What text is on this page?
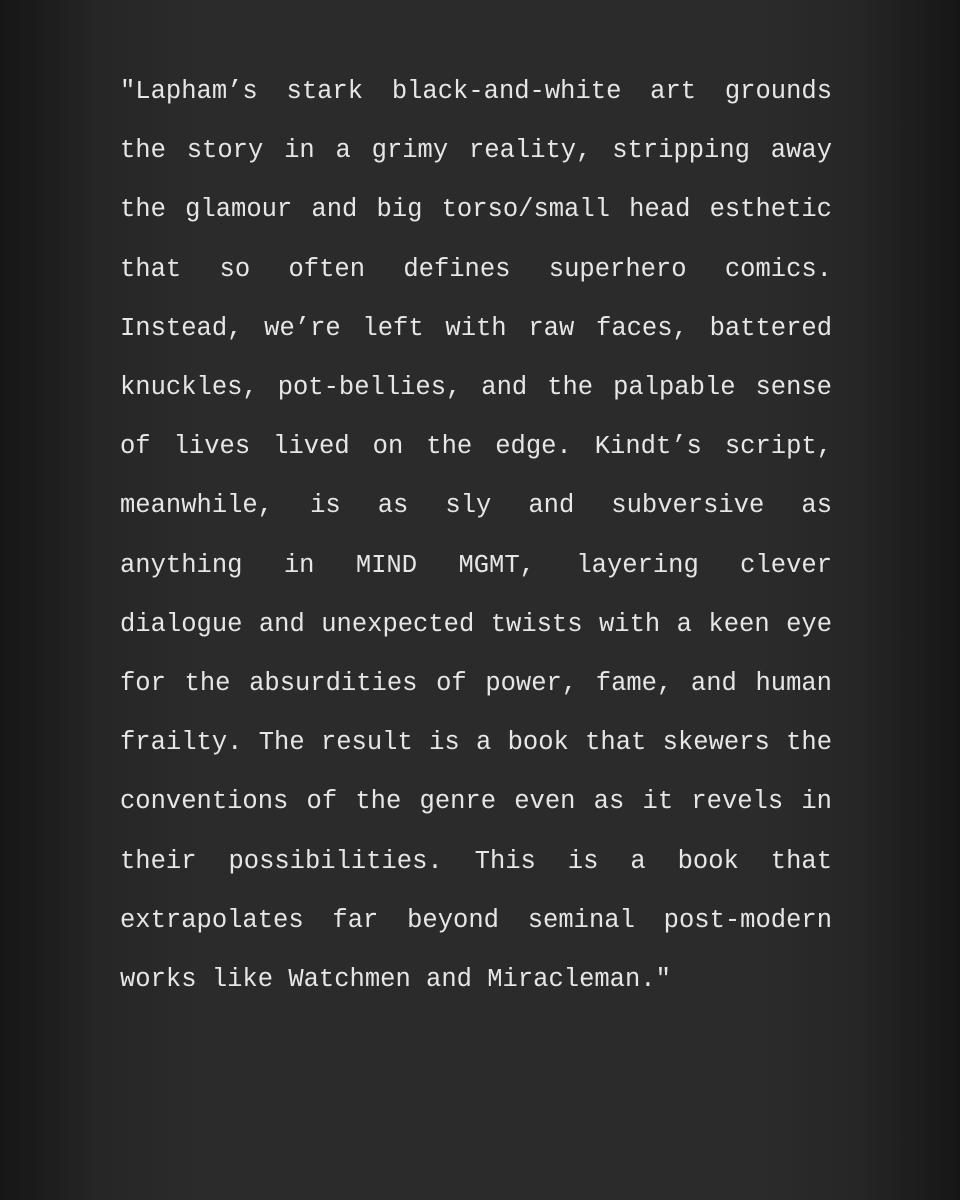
"Lapham’s stark black-and-white art grounds the story in a grimy reality, stripping away the glamour and big torso/small head esthetic that so often defines superhero comics. Instead, we’re left with raw faces, battered knuckles, pot-bellies, and the palpable sense of lives lived on the edge. Kindt’s script, meanwhile, is as sly and subversive as anything in MIND MGMT, layering clever dialogue and unexpected twists with a keen eye for the absurdities of power, fame, and human frailty. The result is a book that skewers the conventions of the genre even as it revels in their possibilities. This is a book that extrapolates far beyond seminal post-modern works like Watchmen and Miracleman."
